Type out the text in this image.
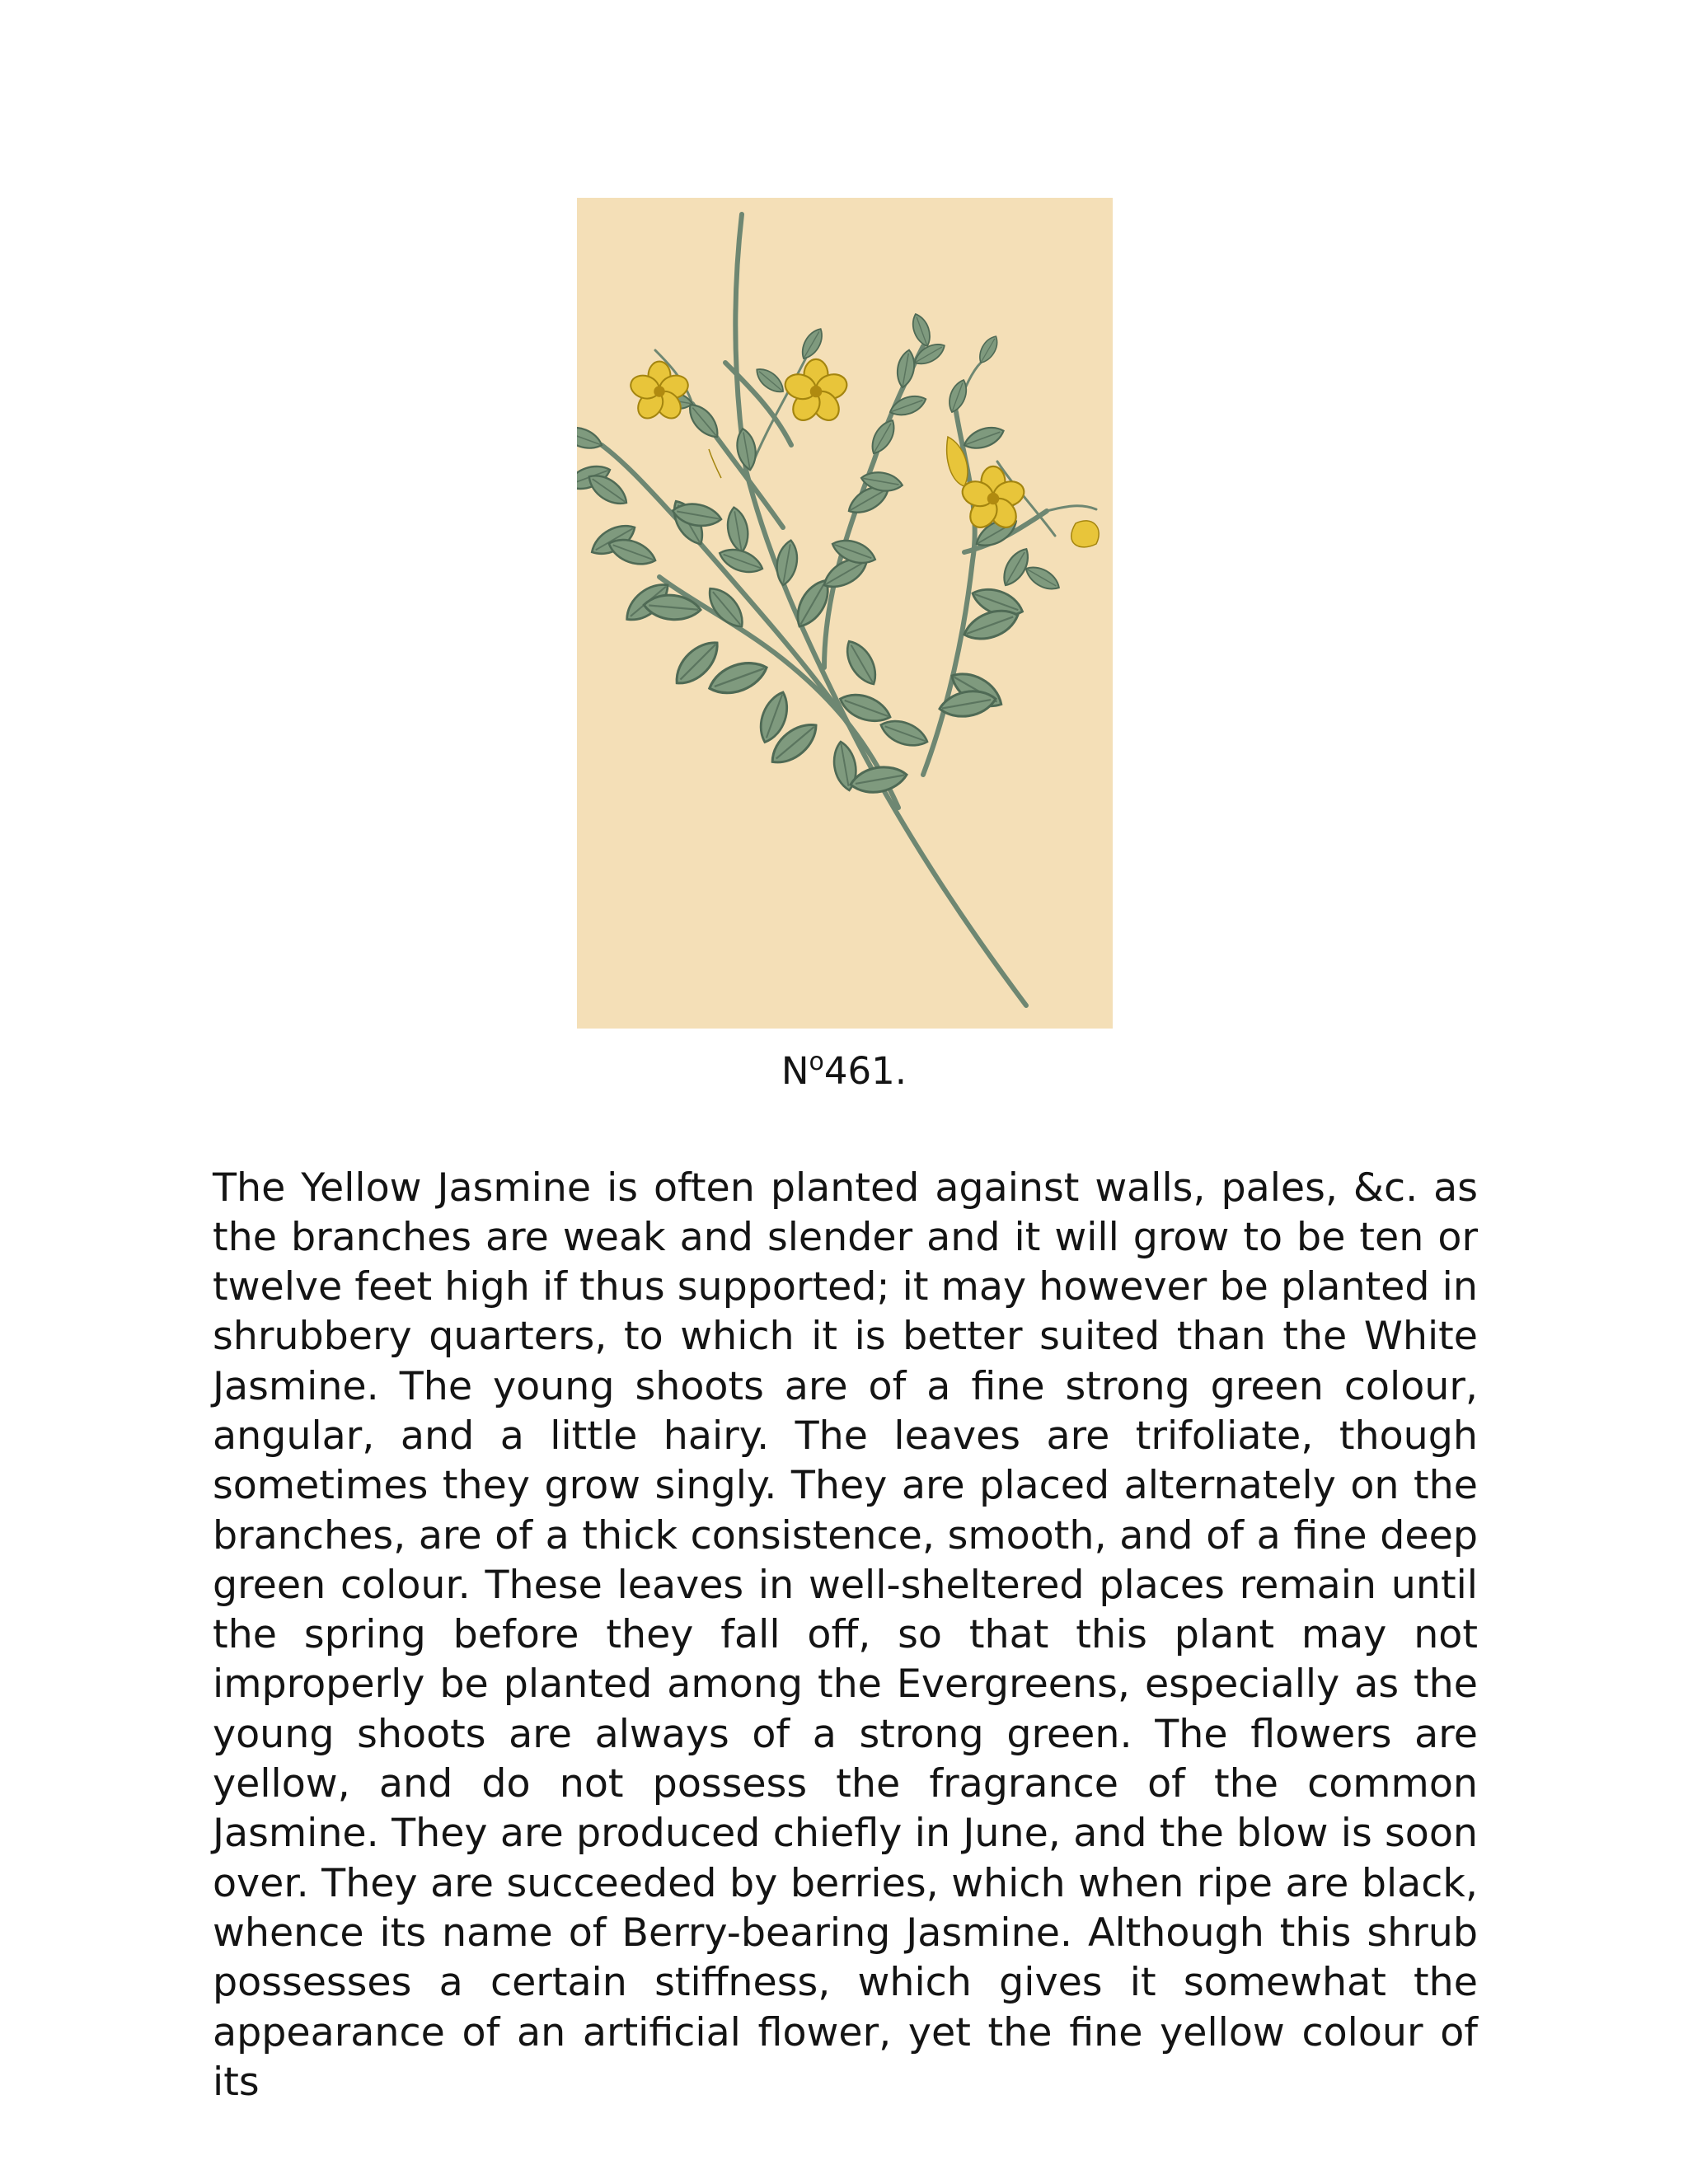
$N^o461$.

The Yellow Jasmine is often planted against walls, pales, &c. as the branches are weak and slender and it will grow to be ten or twelve feet high if thus supported; it may however be planted in shrubbery quarters, to which it is better suited than the White Jasmine. The young shoots are of a fine strong green colour, angular, and a little hairy. The leaves are trifoliate, though sometimes they grow singly. They are placed alternately on the branches, are of a thick consistence, smooth, and of a fine deep green colour. These leaves in well-sheltered places remain until the spring before they fall off, so that this plant may not improperly be planted among the Evergreens, especially as the young shoots are always of a strong green. The flowers are yellow, and do not possess the fragrance of the common Jasmine. They are produced chiefly in June, and the blow is soon over. They are succeeded by berries, which when ripe are black, whence its name of Berry-bearing Jasmine. Although this shrub possesses a certain stiffness, which gives it somewhat the appearance of an artificial flower, yet the fine yellow colour of its
